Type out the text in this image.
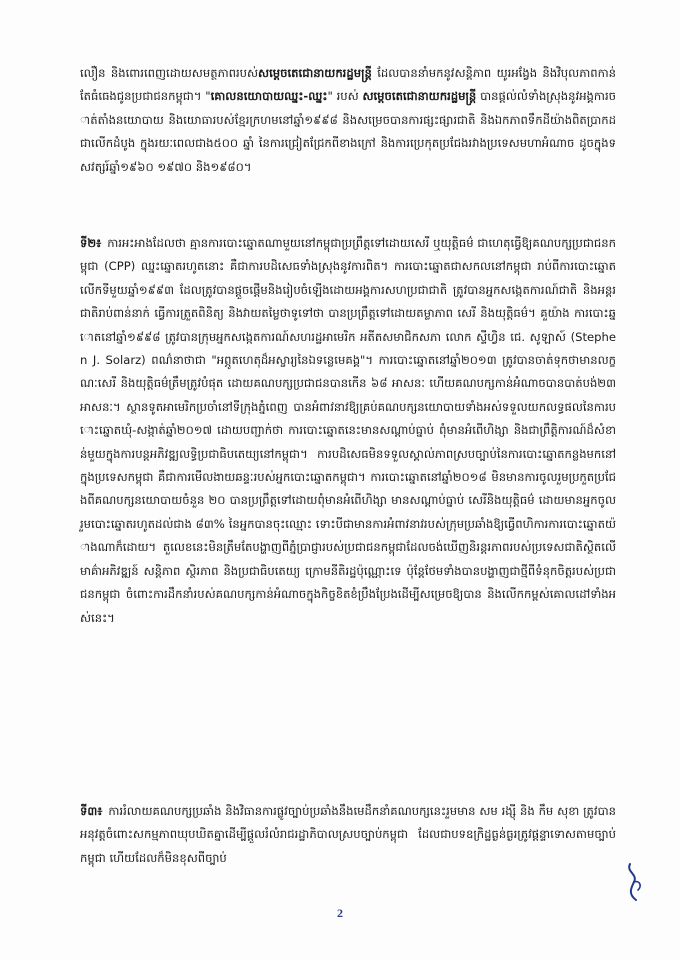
លឿន និងពោរពេញដោយសមត្ថភាពរបស់សម្តេចតេជោនាយករដ្ឋមន្ត្រី ដែលបាននាំមកនូវសន្តិភាព យូរអង្វែង និងវិបុលភាពកាន់តែធំធេងជូនប្រជាជនកម្ពុជា។ "គោលនយោបាយឈ្នះ-ឈ្នះ" របស់ សម្តេចតេជោនាយករដ្ឋមន្ត្រី បានផ្តល់លំទាំងស្រុងនូវអង្គការចាត់តាំងនយោបាយ និងយោធារបស់ខ្មែរក្រហមនៅឆ្នាំ១៩៩៨ និងសម្រេចបានការផ្សះផ្សារជាតិ និងឯកភាពទឹកដីយ៉ាងពិតប្រាកដជាលើកដំបូង ក្នុងរយៈពេលជាង៥០០ ឆ្នាំ នៃការជ្រៀតជ្រែកពីខាងក្រៅ និងការប្រេកុតប្រជែងរវាងប្រទេសមហាអំណាច ដូចក្នុងទសវត្សរ៍ឆ្នាំ១៩៦០ ១៩៧០ និង១៩៨០។
ទី២៖ ការអះអាងដែលថា គ្មានការបោះឆ្នោតណាមួយនៅកម្ពុជាប្រព្រឹត្តទៅដោយសេរី ឬយុត្តិធម៌ ជាហេតុធ្វើឱ្យគណបក្សប្រជាជនកម្ពុជា (CPP) ឈ្នះឆ្នោតរហូតនោះ គឺជាការបដិសេធទាំងស្រុងនូវការពិត។ ការបោះឆ្នោតជាសកលនៅកម្ពុជា រាប់ពីការបោះឆ្នោតលើកទីមួយឆ្នាំ១៩៩៣ ដែលត្រូវបានផ្តួចផ្តើមនិងរៀបចំឡើងដោយអង្គការសហប្រជាជាតិ ត្រូវបានអ្នកសង្កេតការណ៍ជាតិ និងអន្តរជាតិរាប់ពាន់នាក់ ធ្វើការត្រួតពិនិត្យ និងវាយតម្លៃថាទូទៅថា បានប្រព្រឹត្តទៅដោយតម្លាភាព សេរី និងយុត្តិធម៌។ គួយ៉ាង ការបោះឆ្នោតនៅឆ្នាំ១៩៩៨ ត្រូវបានក្រុមអ្នកសង្កេតការណ៍សហរដ្ឋអាមេរិក អតីតសមាជិកសភា លោក ស្ទីហ្វិន ជេ. សូឡាស៍ (Stephen J. Solarz) ពណ៌នាថាជា "អព្ភូតហេតុដ៏អស្ចារ្យនៃឯទន្លេមេគង្គ"។ ការបោះឆ្នោតនៅឆ្នាំ២០១៣ ត្រូវបានចាត់ទុកថាមានលក្ខណៈសេរី និងយុត្តិធម៌ត្រឹមត្រូវបំផុត ដោយគណបក្សប្រជាជនបានកើន ៦៨ អាសនៈ ហើយគណបក្សកាន់អំណាចបានបាត់បង់២៣ អាសនៈ។ ស្ថានទូតអាមេរិកប្រចាំនៅទីក្រុងភ្នំពេញ បានអំពាវនាវឱ្យគ្រប់គណបក្សនយោបាយទាំងអស់ទទួលយកលទ្ធផលនៃការបោះឆ្នោតឃុំ-សង្កាត់ឆ្នាំ២០១៧ ដោយបញ្ជាក់ថា ការបោះឆ្នោតនេះមានសណ្តាប់ធ្នាប់ ពុំមានអំពើហិង្សា និងជាព្រឹត្តិការណ៍ដ៏សំខាន់មួយក្នុងការបន្តអភិវឌ្ឍលទ្ធិប្រជាធិបតេយ្យនៅកម្ពុជា។ ការបដិសេធមិនទទួលស្គាល់ភាពស្របច្បាប់នៃការបោះឆ្នោតកន្លងមកនៅក្នុងប្រទេសកម្ពុជា គឺជាការមើលងាយឆន្ទៈរបស់អ្នកបោះឆ្នោតកម្ពុជា។ ការបោះឆ្នោតនៅឆ្នាំ២០១៨ មិនមានការចូលរួមប្រកួតប្រជែងពីគណបក្សនយោបាយចំនួន ២០ បានប្រព្រឹត្តទៅដោយពុំមានអំពើហិង្សា មានសណ្តាប់ធ្នាប់ សេរីនិងយុត្តិធម៌ ដោយមានអ្នកចូលរួមបោះឆ្នោតរហូតដល់ជាង ៨៣% នៃអ្នកបានចុះឈ្មោះ ទោះបីជាមានការអំពាវនាវរបស់ក្រុមប្រឆាំងឱ្យធ្វើពហិការការបោះឆ្នោតយ៉ាងណាក៏ដោយ។ តួលេខនេះមិនត្រឹមតែបង្ហាញពីភ្នំប្រាជ្ញារបស់ប្រជាជនកម្ពុជាដែលចង់ឃើញនិរន្តរភាពរបស់ប្រទេសជាតិស្ថិតលើមាគ៌ាអភិវឌ្ឍន៍ សន្តិភាព ស្ថិរភាព និងប្រជាធិបតេយ្យ ក្រោមនីតិរដ្ឋប៉ុណ្ណោះទេ ប៉ុន្តែថែមទាំងបានបង្ហាញជាថ្មីពីទំនុកចិត្តរបស់ប្រជាជនកម្ពុជា ចំពោះការដឹកនាំរបស់គណបក្សកាន់អំណាចក្នុងកិច្ចខិតខំប្រឹងប្រែងដើម្បីសម្រេចឱ្យបាន និងលើកកម្ពស់គោលដៅទាំងអស់នេះ។
ទី៣៖ ការរំលាយគណបក្សប្រឆាំង និងវិធានការផ្លូវច្បាប់ប្រឆាំងនឹងមេដឹកនាំគណបក្សនេះរួមមាន សម រង្ស៊ី និង កឹម សុខា ត្រូវបានអនុវត្តចំពោះសកម្មភាពឃុបឃិតគ្នាដើម្បីផ្តួលរំលំរាជរដ្ឋាភិបាលស្របច្បាប់កម្ពុជា ដែលជាបទឧក្រិដ្ឋធ្ងន់ធ្ងរត្រូវផ្តន្ទាទោសតាមច្បាប់កម្ពុជា ហើយដែលក៏មិនខុសពីច្បាប់
2
